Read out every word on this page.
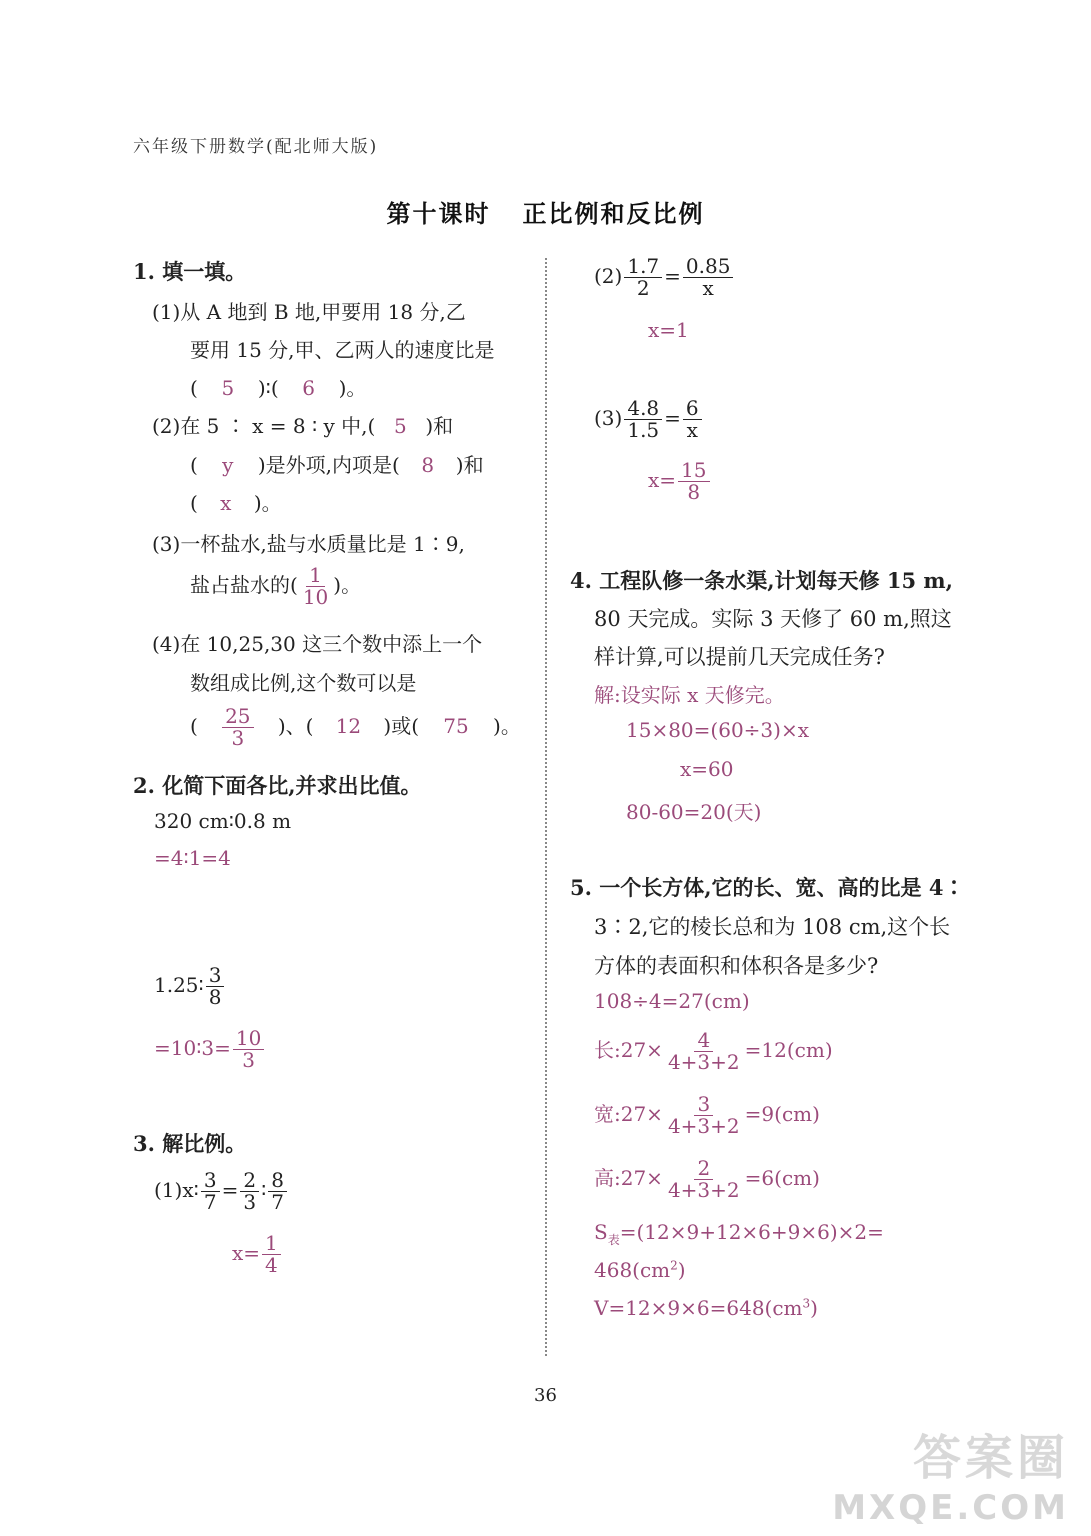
六年级下册数学(配北师大版)
第十课时 正比例和反比例
1. 填一填。
(1)从 A 地到 B 地,甲要用 18 分,乙
要用 15 分,甲、乙两人的速度比是
( 5 )∶( 6 )。
(2)在 5 ∶ x = 8 ∶ y 中,( 5 )和
( y )是外项,内项是( 8 )和
( x )。
(3)一杯盐水,盐与水质量比是 1∶9,
盐占盐水的( $\frac{1}{10}$ )。
(4)在 10,25,30 这三个数中添上一个
数组成比例,这个数可以是
( $\frac{25}{3}$ )、( 12 )或( 75 )。
2. 化简下面各比,并求出比值。
320 cm∶0.8 m
=4∶1=4
1.25∶ $\frac{3}{8}$
=10∶3= $\frac{10}{3}$
3. 解比例。
(1)x∶ $\frac{3}{7} = \frac{2}{3}$ ∶ $\frac{8}{7}$
$x= \frac{1}{4}$
$(2) \frac{1.7}{2} = \frac{0.85}{x}$
x=1
$(3) \frac{4.8}{1.5} = \frac{6}{x}$
$x= \frac{15}{8}$
4. 工程队修一条水渠,计划每天修 15 m,
80 天完成。实际 3 天修了 60 m,照这
样计算,可以提前几天完成任务?
解:设实际 x 天修完。
15×80=(60÷3)×x
x=60
80-60=20(天)
5. 一个长方体,它的长、宽、高的比是 4∶
3∶2,它的棱长总和为 108 cm,这个长
方体的表面积和体积各是多少?
108÷4=27(cm)
长:27× $\frac{4}{4+3+2} =12(cm)$
宽:27× $\frac{3}{4+3+2} =9(cm)$
高:27× $\frac{2}{4+3+2} =6(cm)$
$S_表=(12\times 9+12\times 6+9\times 6)\times 2=$
$468(cm^2)$
$V=12\times 9\times 6=648(cm^3)$
36
答案圈
MXQE.COM
